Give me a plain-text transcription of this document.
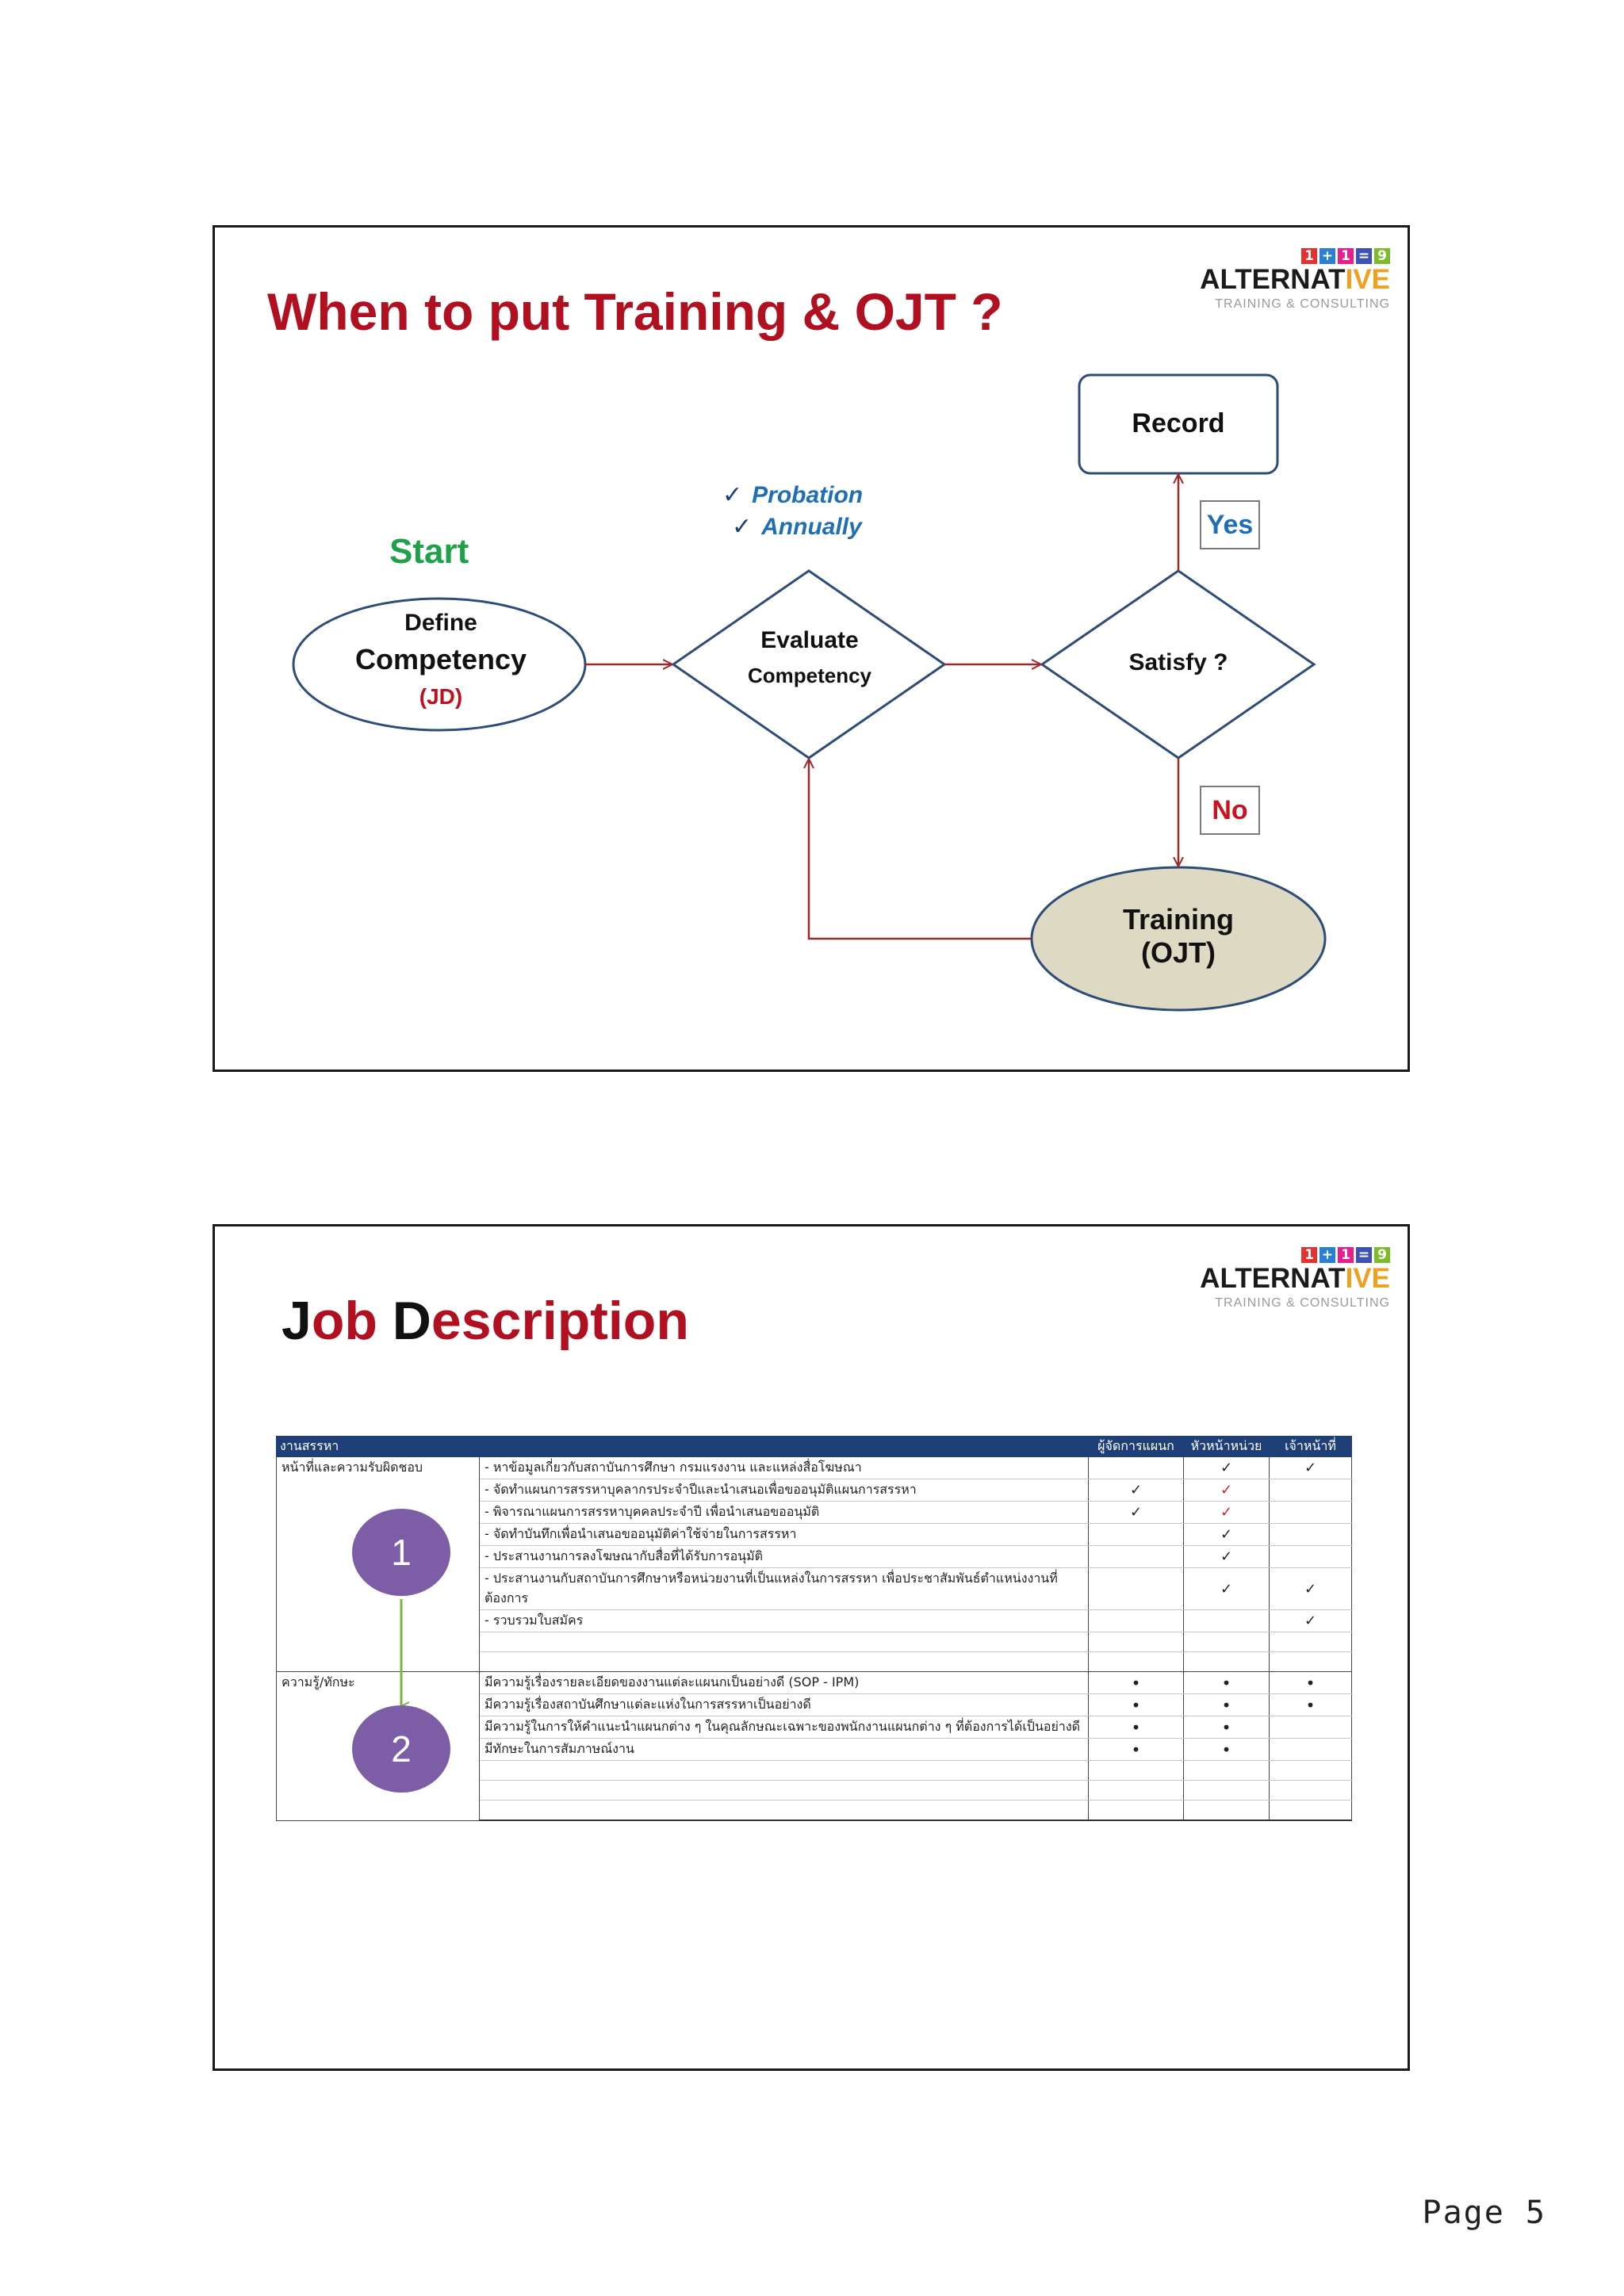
1 + 1 = 9
ALTERNATIVE
TRAINING & CONSULTING
When to put Training & OJT ?
Start
✓ Probation
✓ Annually
Define
Competency
(JD)
Evaluate
Competency	Satisfy ?
Record
Training
(OJT)
Yes
No
1 + 1 = 9
ALTERNATIVE
TRAINING & CONSULTING
Job Description
งานสรรหา		ผู้จัดการแผนก	หัวหน้าหน่วย	เจ้าหน้าที่
หน้าที่และความรับผิดชอบ	- หาข้อมูลเกี่ยวกับสถาบันการศึกษา กรมแรงงาน และแหล่งสื่อโฆษณา		✓	✓
	- จัดทำแผนการสรรหาบุคลากรประจำปีและนำเสนอเพื่อขออนุมัติแผนการสรรหา	✓	✓	
	- พิจารณาแผนการสรรหาบุคคลประจำปี เพื่อนำเสนอขออนุมัติ	✓	✓	
	- จัดทำบันทึกเพื่อนำเสนอขออนุมัติค่าใช้จ่ายในการสรรหา		✓	
	- ประสานงานการลงโฆษณากับสื่อที่ได้รับการอนุมัติ		✓	
	- ประสานงานกับสถาบันการศึกษาหรือหน่วยงานที่เป็นแหล่งในการสรรหา เพื่อประชาสัมพันธ์ตำแหน่งงานที่ต้องการ		✓	✓
	- รวบรวมใบสมัคร			✓

ความรู้/ทักษะ	มีความรู้เรื่องรายละเอียดของงานแต่ละแผนกเป็นอย่างดี (SOP - IPM)	•	•	•
	มีความรู้เรื่องสถาบันศึกษาแต่ละแห่งในการสรรหาเป็นอย่างดี	•	•	•
	มีความรู้ในการให้คำแนะนำแผนกต่าง ๆ ในคุณลักษณะเฉพาะของพนักงานแผนกต่าง ๆ ที่ต้องการได้เป็นอย่างดี	•	•	
	มีทักษะในการสัมภาษณ์งาน	•	•	

1
2
Page 5
